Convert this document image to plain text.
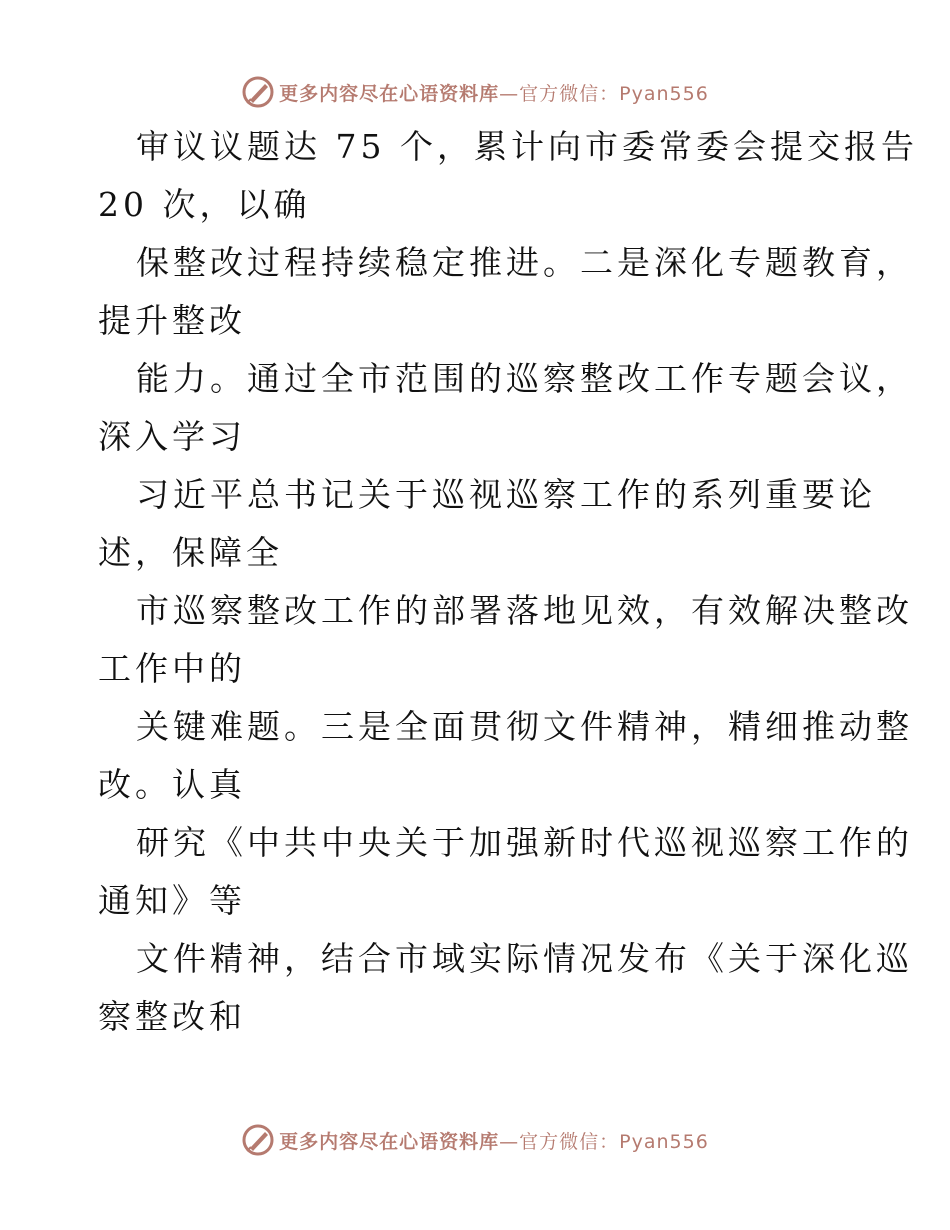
更多内容尽在心语资料库—官方微信：Pyan556
审议议题达 75 个，累计向市委常委会提交报告
20 次，以确
保整改过程持续稳定推进。二是深化专题教育，
提升整改
能力。通过全市范围的巡察整改工作专题会议，
深入学习
习近平总书记关于巡视巡察工作的系列重要论
述，保障全
市巡察整改工作的部署落地见效，有效解决整改
工作中的
关键难题。三是全面贯彻文件精神，精细推动整
改。认真
研究《中共中央关于加强新时代巡视巡察工作的
通知》等
文件精神，结合市域实际情况发布《关于深化巡
察整改和
更多内容尽在心语资料库—官方微信：Pyan556
